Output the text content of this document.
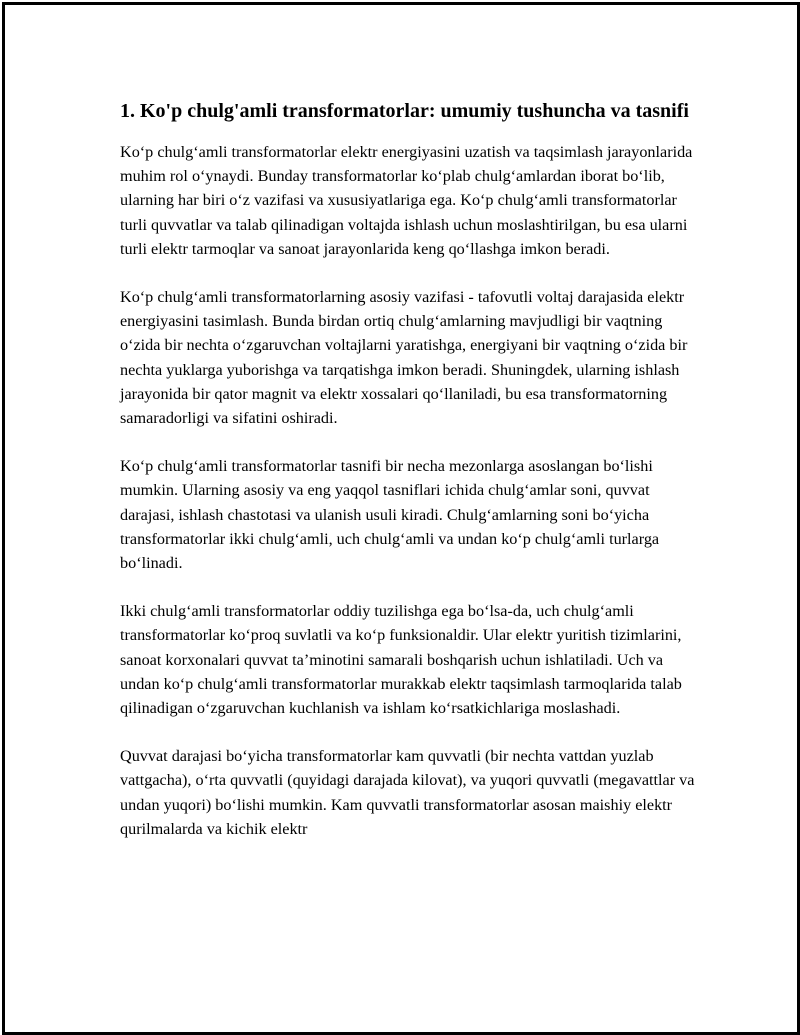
1. Ko'p chulg'amli transformatorlar: umumiy tushuncha va tasnifi

Ko‘p chulg‘amli transformatorlar elektr energiyasini uzatish va taqsimlash jarayonlarida muhim rol o‘ynaydi. Bunday transformatorlar ko‘plab chulg‘amlardan iborat bo‘lib, ularning har biri o‘z vazifasi va xususiyatlariga ega. Ko‘p chulg‘amli transformatorlar turli quvvatlar va talab qilinadigan voltajda ishlash uchun moslashtirilgan, bu esa ularni turli elektr tarmoqlar va sanoat jarayonlarida keng qo‘llashga imkon beradi.

Ko‘p chulg‘amli transformatorlarning asosiy vazifasi - tafovutli voltaj darajasida elektr energiyasini tasimlash. Bunda birdan ortiq chulg‘amlarning mavjudligi bir vaqtning o‘zida bir nechta o‘zgaruvchan voltajlarni yaratishga, energiyani bir vaqtning o‘zida bir nechta yuklarga yuborishga va tarqatishga imkon beradi. Shuningdek, ularning ishlash jarayonida bir qator magnit va elektr xossalari qo‘llaniladi, bu esa transformatorning samaradorligi va sifatini oshiradi.

Ko‘p chulg‘amli transformatorlar tasnifi bir necha mezonlarga asoslangan bo‘lishi mumkin. Ularning asosiy va eng yaqqol tasniflari ichida chulg‘amlar soni, quvvat darajasi, ishlash chastotasi va ulanish usuli kiradi. Chulg‘amlarning soni bo‘yicha transformatorlar ikki chulg‘amli, uch chulg‘amli va undan ko‘p chulg‘amli turlarga bo‘linadi.

Ikki chulg‘amli transformatorlar oddiy tuzilishga ega bo‘lsa-da, uch chulg‘amli transformatorlar ko‘proq suvlatli va ko‘p funksionaldir. Ular elektr yuritish tizimlarini, sanoat korxonalari quvvat ta’minotini samarali boshqarish uchun ishlatiladi. Uch va undan ko‘p chulg‘amli transformatorlar murakkab elektr taqsimlash tarmoqlarida talab qilinadigan o‘zgaruvchan kuchlanish va ishlam ko‘rsatkichlariga moslashadi.

Quvvat darajasi bo‘yicha transformatorlar kam quvvatli (bir nechta vattdan yuzlab vattgacha), o‘rta quvvatli (quyidagi darajada kilovat), va yuqori quvvatli (megavattlar va undan yuqori) bo‘lishi mumkin. Kam quvvatli transformatorlar asosan maishiy elektr qurilmalarda va kichik elektr
